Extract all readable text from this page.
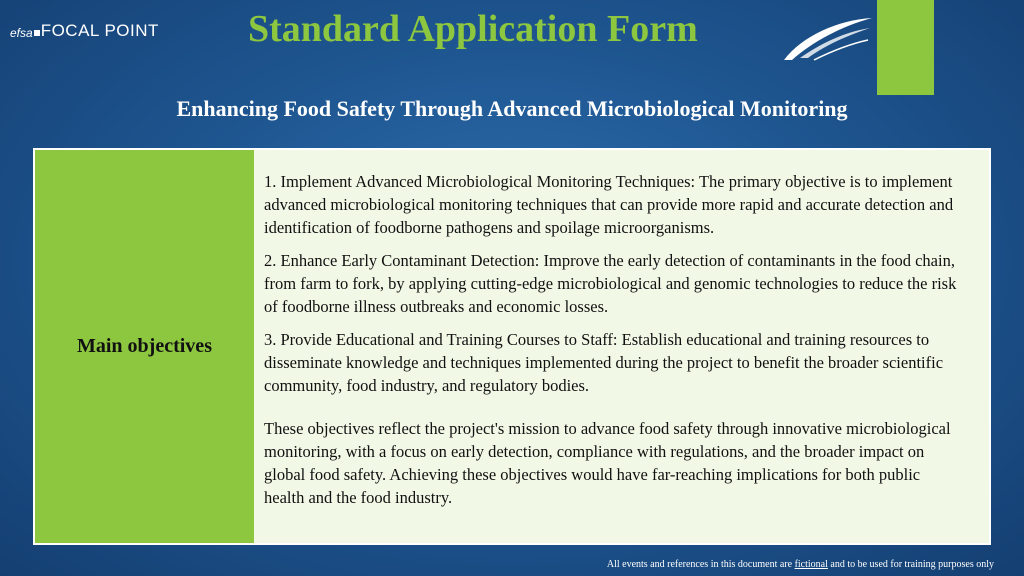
efsa FOCAL POINT Standard Application Form
Enhancing Food Safety Through Advanced Microbiological Monitoring
Main objectives

1. Implement Advanced Microbiological Monitoring Techniques: The primary objective is to implement advanced microbiological monitoring techniques that can provide more rapid and accurate detection and identification of foodborne pathogens and spoilage microorganisms.

2. Enhance Early Contaminant Detection: Improve the early detection of contaminants in the food chain, from farm to fork, by applying cutting-edge microbiological and genomic technologies to reduce the risk of foodborne illness outbreaks and economic losses.

3. Provide Educational and Training Courses to Staff: Establish educational and training resources to disseminate knowledge and techniques implemented during the project to benefit the broader scientific community, food industry, and regulatory bodies.

These objectives reflect the project's mission to advance food safety through innovative microbiological monitoring, with a focus on early detection, compliance with regulations, and the broader impact on global food safety. Achieving these objectives would have far-reaching implications for both public health and the food industry.

All events and references in this document are fictional and to be used for training purposes only
